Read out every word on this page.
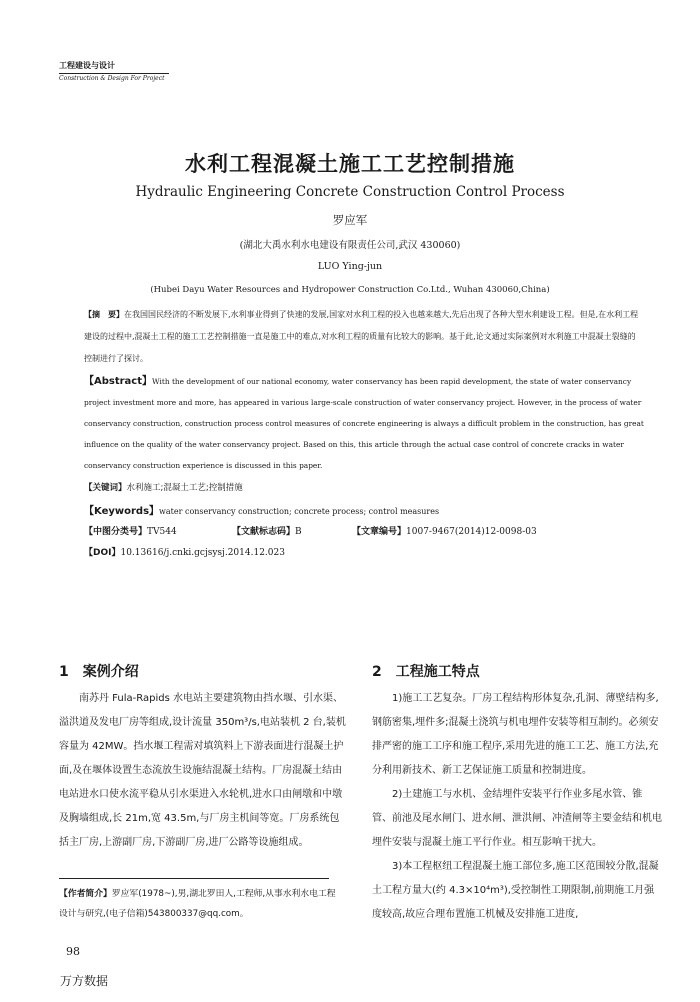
工程建设与设计
Construction & Design For Project
水利工程混凝土施工工艺控制措施
Hydraulic Engineering Concrete Construction Control Process
罗应军
(湖北大禹水利水电建设有限责任公司,武汉 430060)
LUO Ying-jun
(Hubei Dayu Water Resources and Hydropower Construction Co.Ltd., Wuhan 430060,China)
【摘　要】在我国国民经济的不断发展下,水利事业得到了快速的发展,国家对水利工程的投入也越来越大,先后出现了各种大型水利建设工程。但是,在水利工程建设的过程中,混凝土工程的施工工艺控制措施一直是施工中的难点,对水利工程的质量有比较大的影响。基于此,论文通过实际案例对水利施工中混凝土裂缝的控制进行了探讨。
【Abstract】With the development of our national economy, water conservancy has been rapid development, the state of water conservancy project investment more and more, has appeared in various large-scale construction of water conservancy project. However, in the process of water conservancy construction, construction process control measures of concrete engineering is always a difficult problem in the construction, has great influence on the quality of the water conservancy project. Based on this, this article through the actual case control of concrete cracks in water conservancy construction experience is discussed in this paper.
【关键词】水利施工;混凝土工艺;控制措施
【Keywords】water conservancy construction; concrete process; control measures
【中图分类号】TV544	【文献标志码】B	【文章编号】1007-9467(2014)12-0098-03
【DOI】10.13616/j.cnki.gcjsysj.2014.12.023
1　案例介绍

南苏丹 Fula-Rapids 水电站主要建筑物由挡水堰、引水渠、溢洪道及发电厂房等组成,设计流量 350m³/s,电站装机 2 台,装机容量为 42MW。挡水堰工程需对填筑料上下游表面进行混凝土护面,及在堰体设置生态流放生设施结混凝土结构。厂房混凝土结由电站进水口使水流平稳从引水渠进入水轮机,进水口由闸墩和中墩及胸墙组成,长 21m,宽 43.5m,与厂房主机间等宽。厂房系统包括主厂房,上游副厂房,下游副厂房,进厂公路等设施组成。

【作者简介】罗应军(1978~),男,湖北罗田人,工程师,从事水利水电工程设计与研究,(电子信箱)543800337@qq.com。
2　工程施工特点

1)施工工艺复杂。厂房工程结构形体复杂,孔洞、薄壁结构多,钢筋密集,埋件多;混凝土浇筑与机电埋件安装等相互制约。必须安排严密的施工工序和施工程序,采用先进的施工工艺、施工方法,充分利用新技术、新工艺保证施工质量和控制进度。

2)土建施工与水机、金结埋件安装平行作业多尾水管、锥管、前池及尾水闸门、进水闸、泄洪闸、冲渣闸等主要金结和机电埋件安装与混凝土施工平行作业。相互影响干扰大。

3)本工程枢纽工程混凝土施工部位多,施工区范围较分散,混凝土工程方量大(约 4.3×10⁴m³),受控制性工期限制,前期施工月强度较高,故应合理布置施工机械及安排施工进度,

98
万方数据
